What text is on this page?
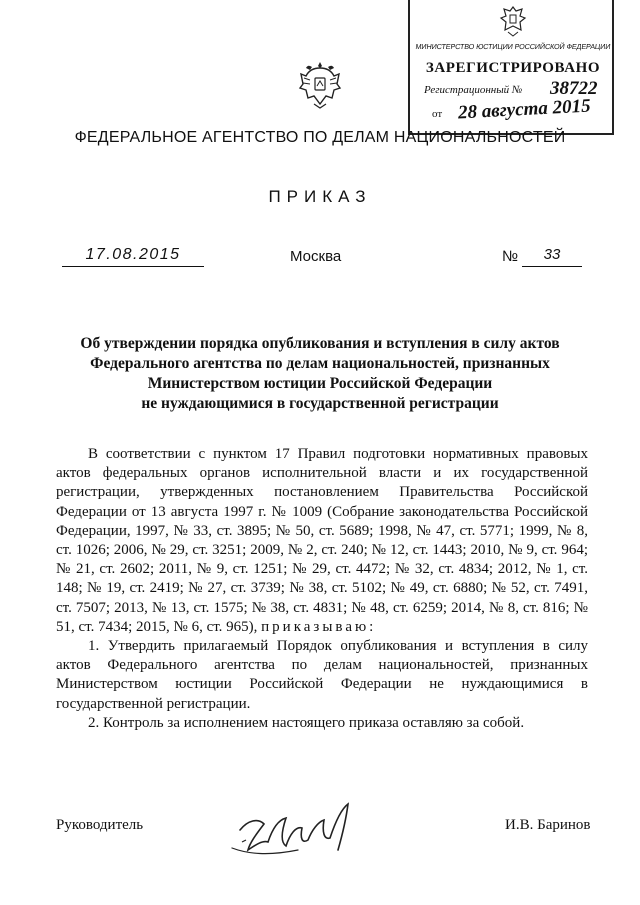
МИНИСТЕРСТВО ЮСТИЦИИ РОССИЙСКОЙ ФЕДЕРАЦИИ
ЗАРЕГИСТРИРОВАНО
Регистрационный №	38722
от 28 августа 2015
ФЕДЕРАЛЬНОЕ АГЕНТСТВО ПО ДЕЛАМ НАЦИОНАЛЬНОСТЕЙ
ПРИКАЗ
17.08.2015	Москва	№	33
Об утверждении порядка опубликования и вступления в силу актов
Федерального агентства по делам национальностей, признанных
Министерством юстиции Российской Федерации
не нуждающимися в государственной регистрации

В соответствии с пунктом 17 Правил подготовки нормативных правовых актов федеральных органов исполнительной власти и их государственной регистрации, утвержденных постановлением Правительства Российской Федерации от 13 августа 1997 г. № 1009 (Собрание законодательства Российской Федерации, 1997, № 33, ст. 3895; № 50, ст. 5689; 1998, № 47, ст. 5771; 1999, № 8, ст. 1026; 2006, № 29, ст. 3251; 2009, № 2, ст. 240; № 12, ст. 1443; 2010, № 9, ст. 964; № 21, ст. 2602; 2011, № 9, ст. 1251; № 29, ст. 4472; № 32, ст. 4834; 2012, № 1, ст. 148; № 19, ст. 2419; № 27, ст. 3739; № 38, ст. 5102; № 49, ст. 6880; № 52, ст. 7491, ст. 7507; 2013, № 13, ст. 1575; № 38, ст. 4831; № 48, ст. 6259; 2014, № 8, ст. 816; № 51, ст. 7434; 2015, № 6, ст. 965), приказываю:

1. Утвердить прилагаемый Порядок опубликования и вступления в силу актов Федерального агентства по делам национальностей, признанных Министерством юстиции Российской Федерации не нуждающимися в государственной регистрации.

2. Контроль за исполнением настоящего приказа оставляю за собой.

Руководитель	И.В. Баринов
